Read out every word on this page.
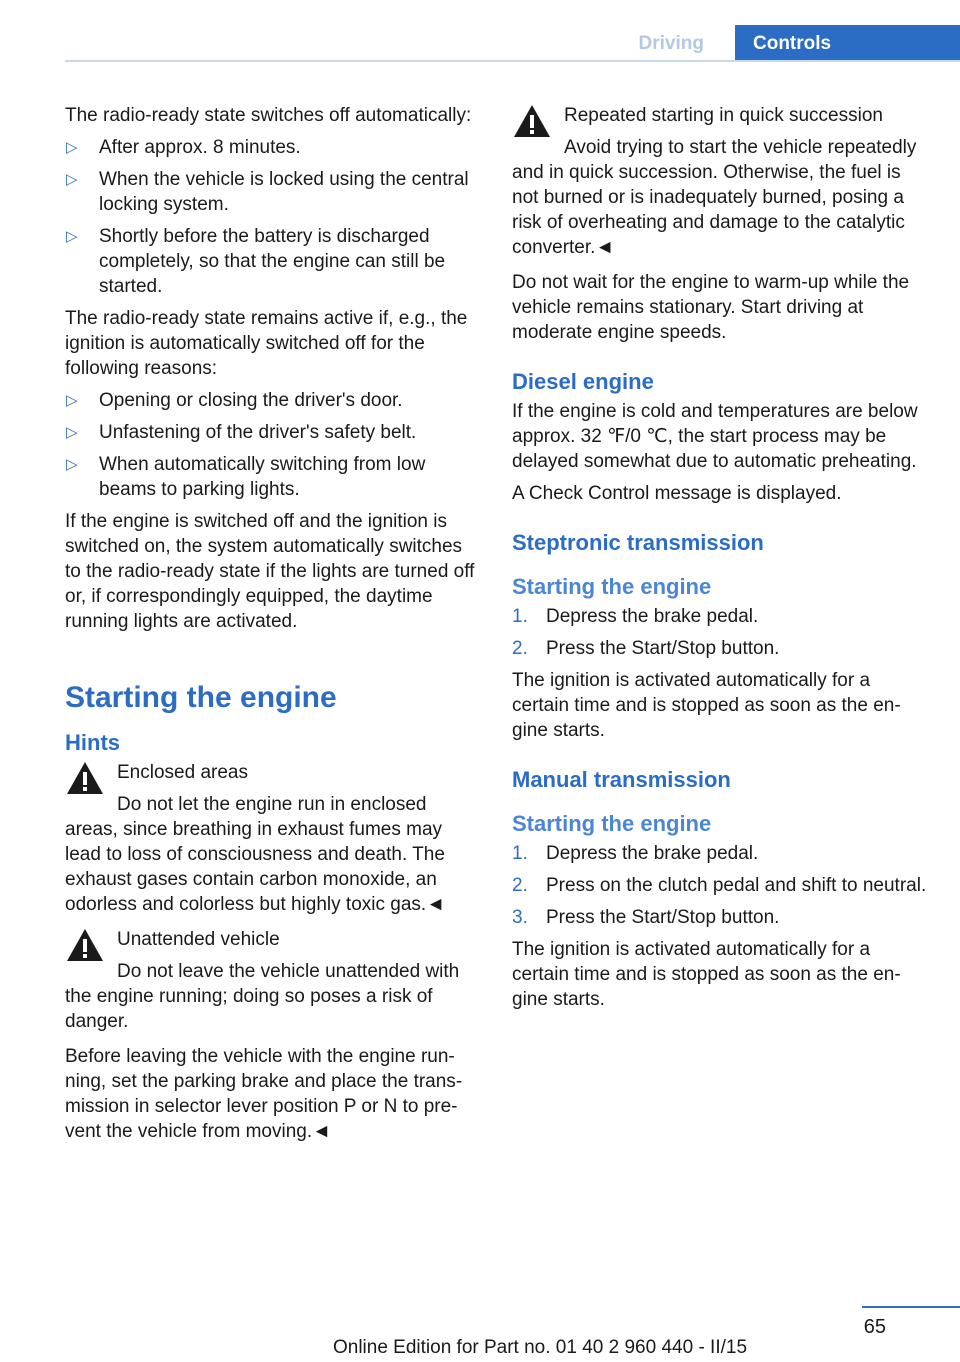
Driving	Controls

The radio-ready state switches off automatically:

▷ After approx. 8 minutes.
▷ When the vehicle is locked using the central locking system.
▷ Shortly before the battery is discharged completely, so that the engine can still be started.

The radio-ready state remains active if, e.g., the ignition is automatically switched off for the following reasons:

▷ Opening or closing the driver's door.
▷ Unfastening of the driver's safety belt.
▷ When automatically switching from low beams to parking lights.

If the engine is switched off and the ignition is switched on, the system automatically switches to the radio-ready state if the lights are turned off or, if correspondingly equipped, the daytime running lights are activated.

Starting the engine
Hints
Enclosed areas
Do not let the engine run in enclosed areas, since breathing in exhaust fumes may lead to loss of consciousness and death. The exhaust gases contain carbon monoxide, an odorless and colorless but highly toxic gas.◄
Unattended vehicle
Do not leave the vehicle unattended with the engine running; doing so poses a risk of danger.

Before leaving the vehicle with the engine running, set the parking brake and place the transmission in selector lever position P or N to prevent the vehicle from moving.◄

Repeated starting in quick succession
Avoid trying to start the vehicle repeatedly and in quick succession. Otherwise, the fuel is not burned or is inadequately burned, posing a risk of overheating and damage to the catalytic converter.◄

Do not wait for the engine to warm-up while the vehicle remains stationary. Start driving at moderate engine speeds.

Diesel engine

If the engine is cold and temperatures are below approx. 32 ℉/0 ℃, the start process may be delayed somewhat due to automatic preheating.

A Check Control message is displayed.

Steptronic transmission
Starting the engine
1. Depress the brake pedal.
2. Press the Start/Stop button.

The ignition is activated automatically for a certain time and is stopped as soon as the engine starts.

Manual transmission
Starting the engine
1. Depress the brake pedal.
2. Press on the clutch pedal and shift to neutral.
3. Press the Start/Stop button.

The ignition is activated automatically for a certain time and is stopped as soon as the engine starts.

65
Online Edition for Part no. 01 40 2 960 440 - II/15
